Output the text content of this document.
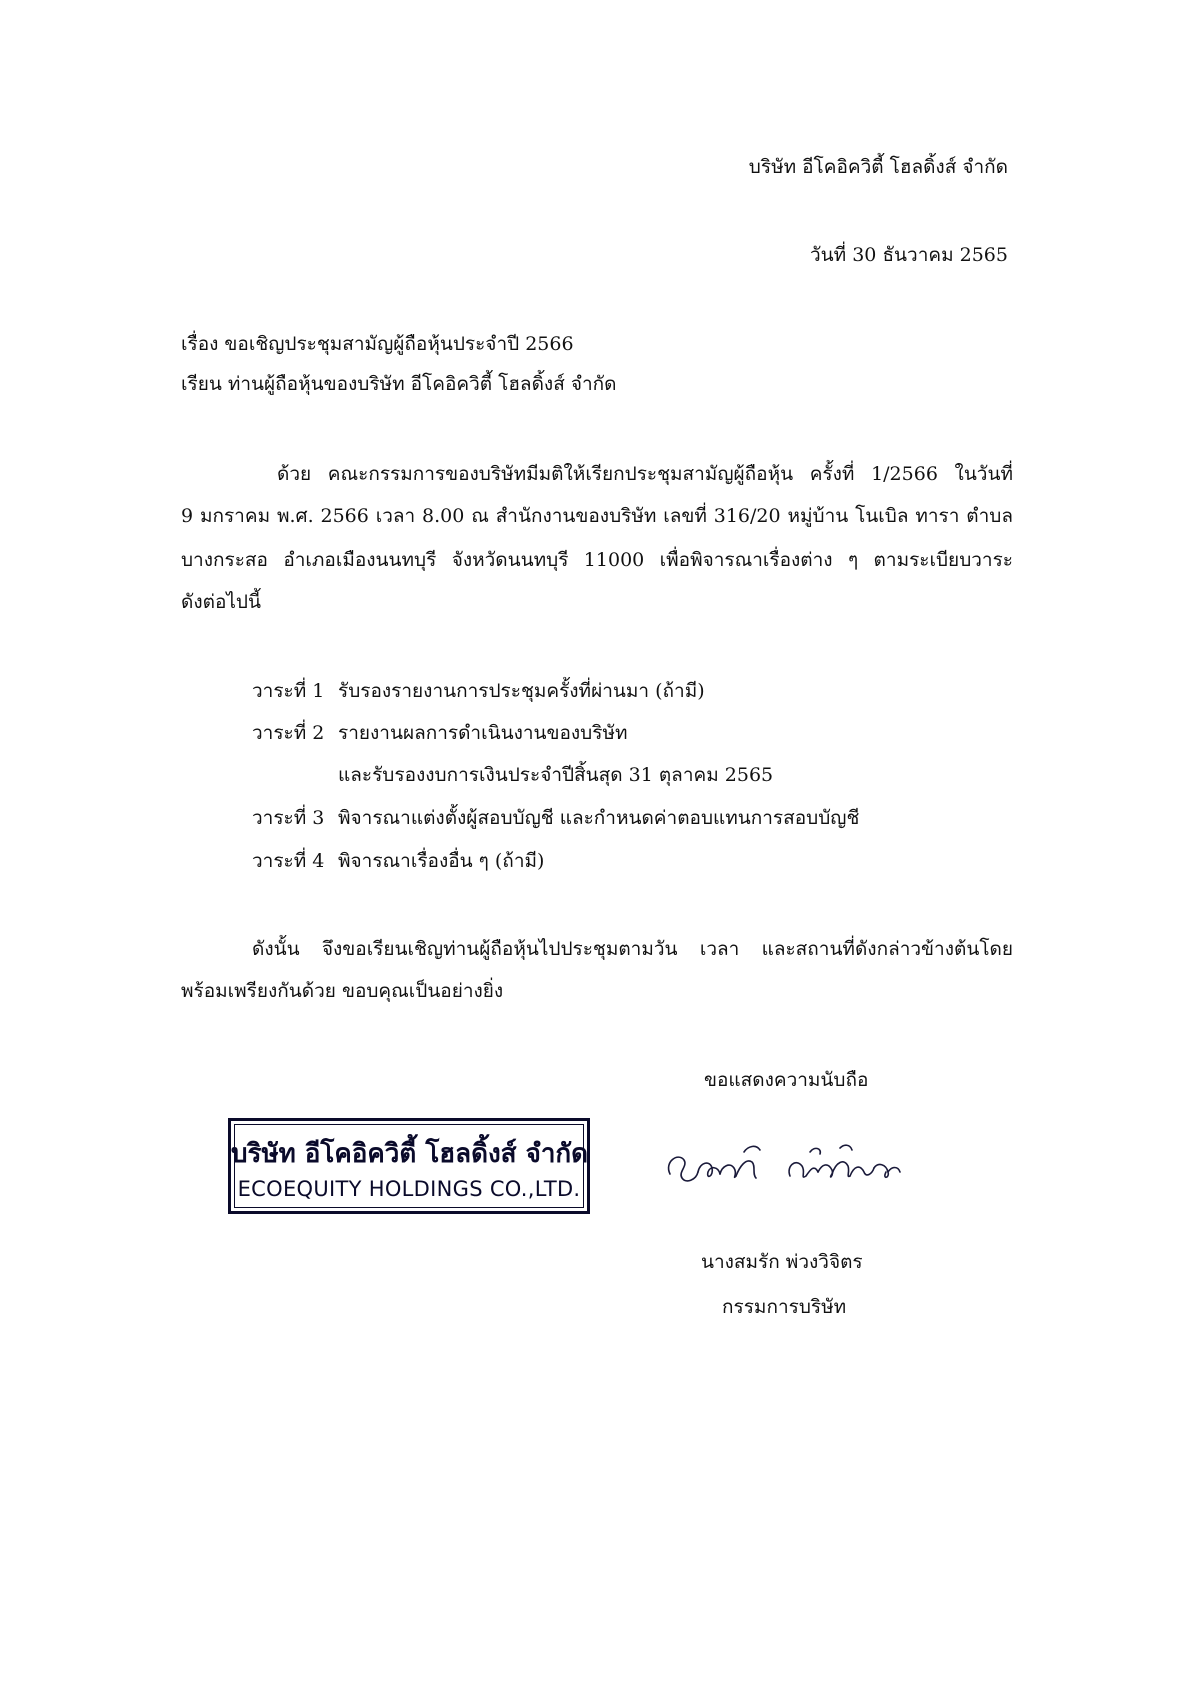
บริษัท อีโคอิควิตี้ โฮลดิ้งส์ จำกัด
วันที่ 30 ธันวาคม 2565
เรื่อง ขอเชิญประชุมสามัญผู้ถือหุ้นประจำปี 2566
เรียน ท่านผู้ถือหุ้นของบริษัท อีโคอิควิตี้ โฮลดิ้งส์ จำกัด
ด้วย คณะกรรมการของบริษัทมีมติให้เรียกประชุมสามัญผู้ถือหุ้น ครั้งที่ 1/2566 ในวันที่
9 มกราคม พ.ศ. 2566 เวลา 8.00 ณ สำนักงานของบริษัท เลขที่ 316/20 หมู่บ้าน โนเบิล ทารา ตำบล
บางกระสอ อำเภอเมืองนนทบุรี จังหวัดนนทบุรี 11000 เพื่อพิจารณาเรื่องต่าง ๆ ตามระเบียบวาระ
ดังต่อไปนี้
วาระที่ 1 รับรองรายงานการประชุมครั้งที่ผ่านมา (ถ้ามี)
วาระที่ 2 รายงานผลการดำเนินงานของบริษัท
และรับรองงบการเงินประจำปีสิ้นสุด 31 ตุลาคม 2565
วาระที่ 3 พิจารณาแต่งตั้งผู้สอบบัญชี และกำหนดค่าตอบแทนการสอบบัญชี
วาระที่ 4 พิจารณาเรื่องอื่น ๆ (ถ้ามี)
ดังนั้น จึงขอเรียนเชิญท่านผู้ถือหุ้นไปประชุมตามวัน เวลา และสถานที่ดังกล่าวข้างต้นโดย
พร้อมเพรียงกันด้วย ขอบคุณเป็นอย่างยิ่ง
ขอแสดงความนับถือ
บริษัท อีโคอิควิตี้ โฮลดิ้งส์ จำกัด
ECOEQUITY HOLDINGS CO.,LTD.
นางสมรัก พ่วงวิจิตร
กรรมการบริษัท
